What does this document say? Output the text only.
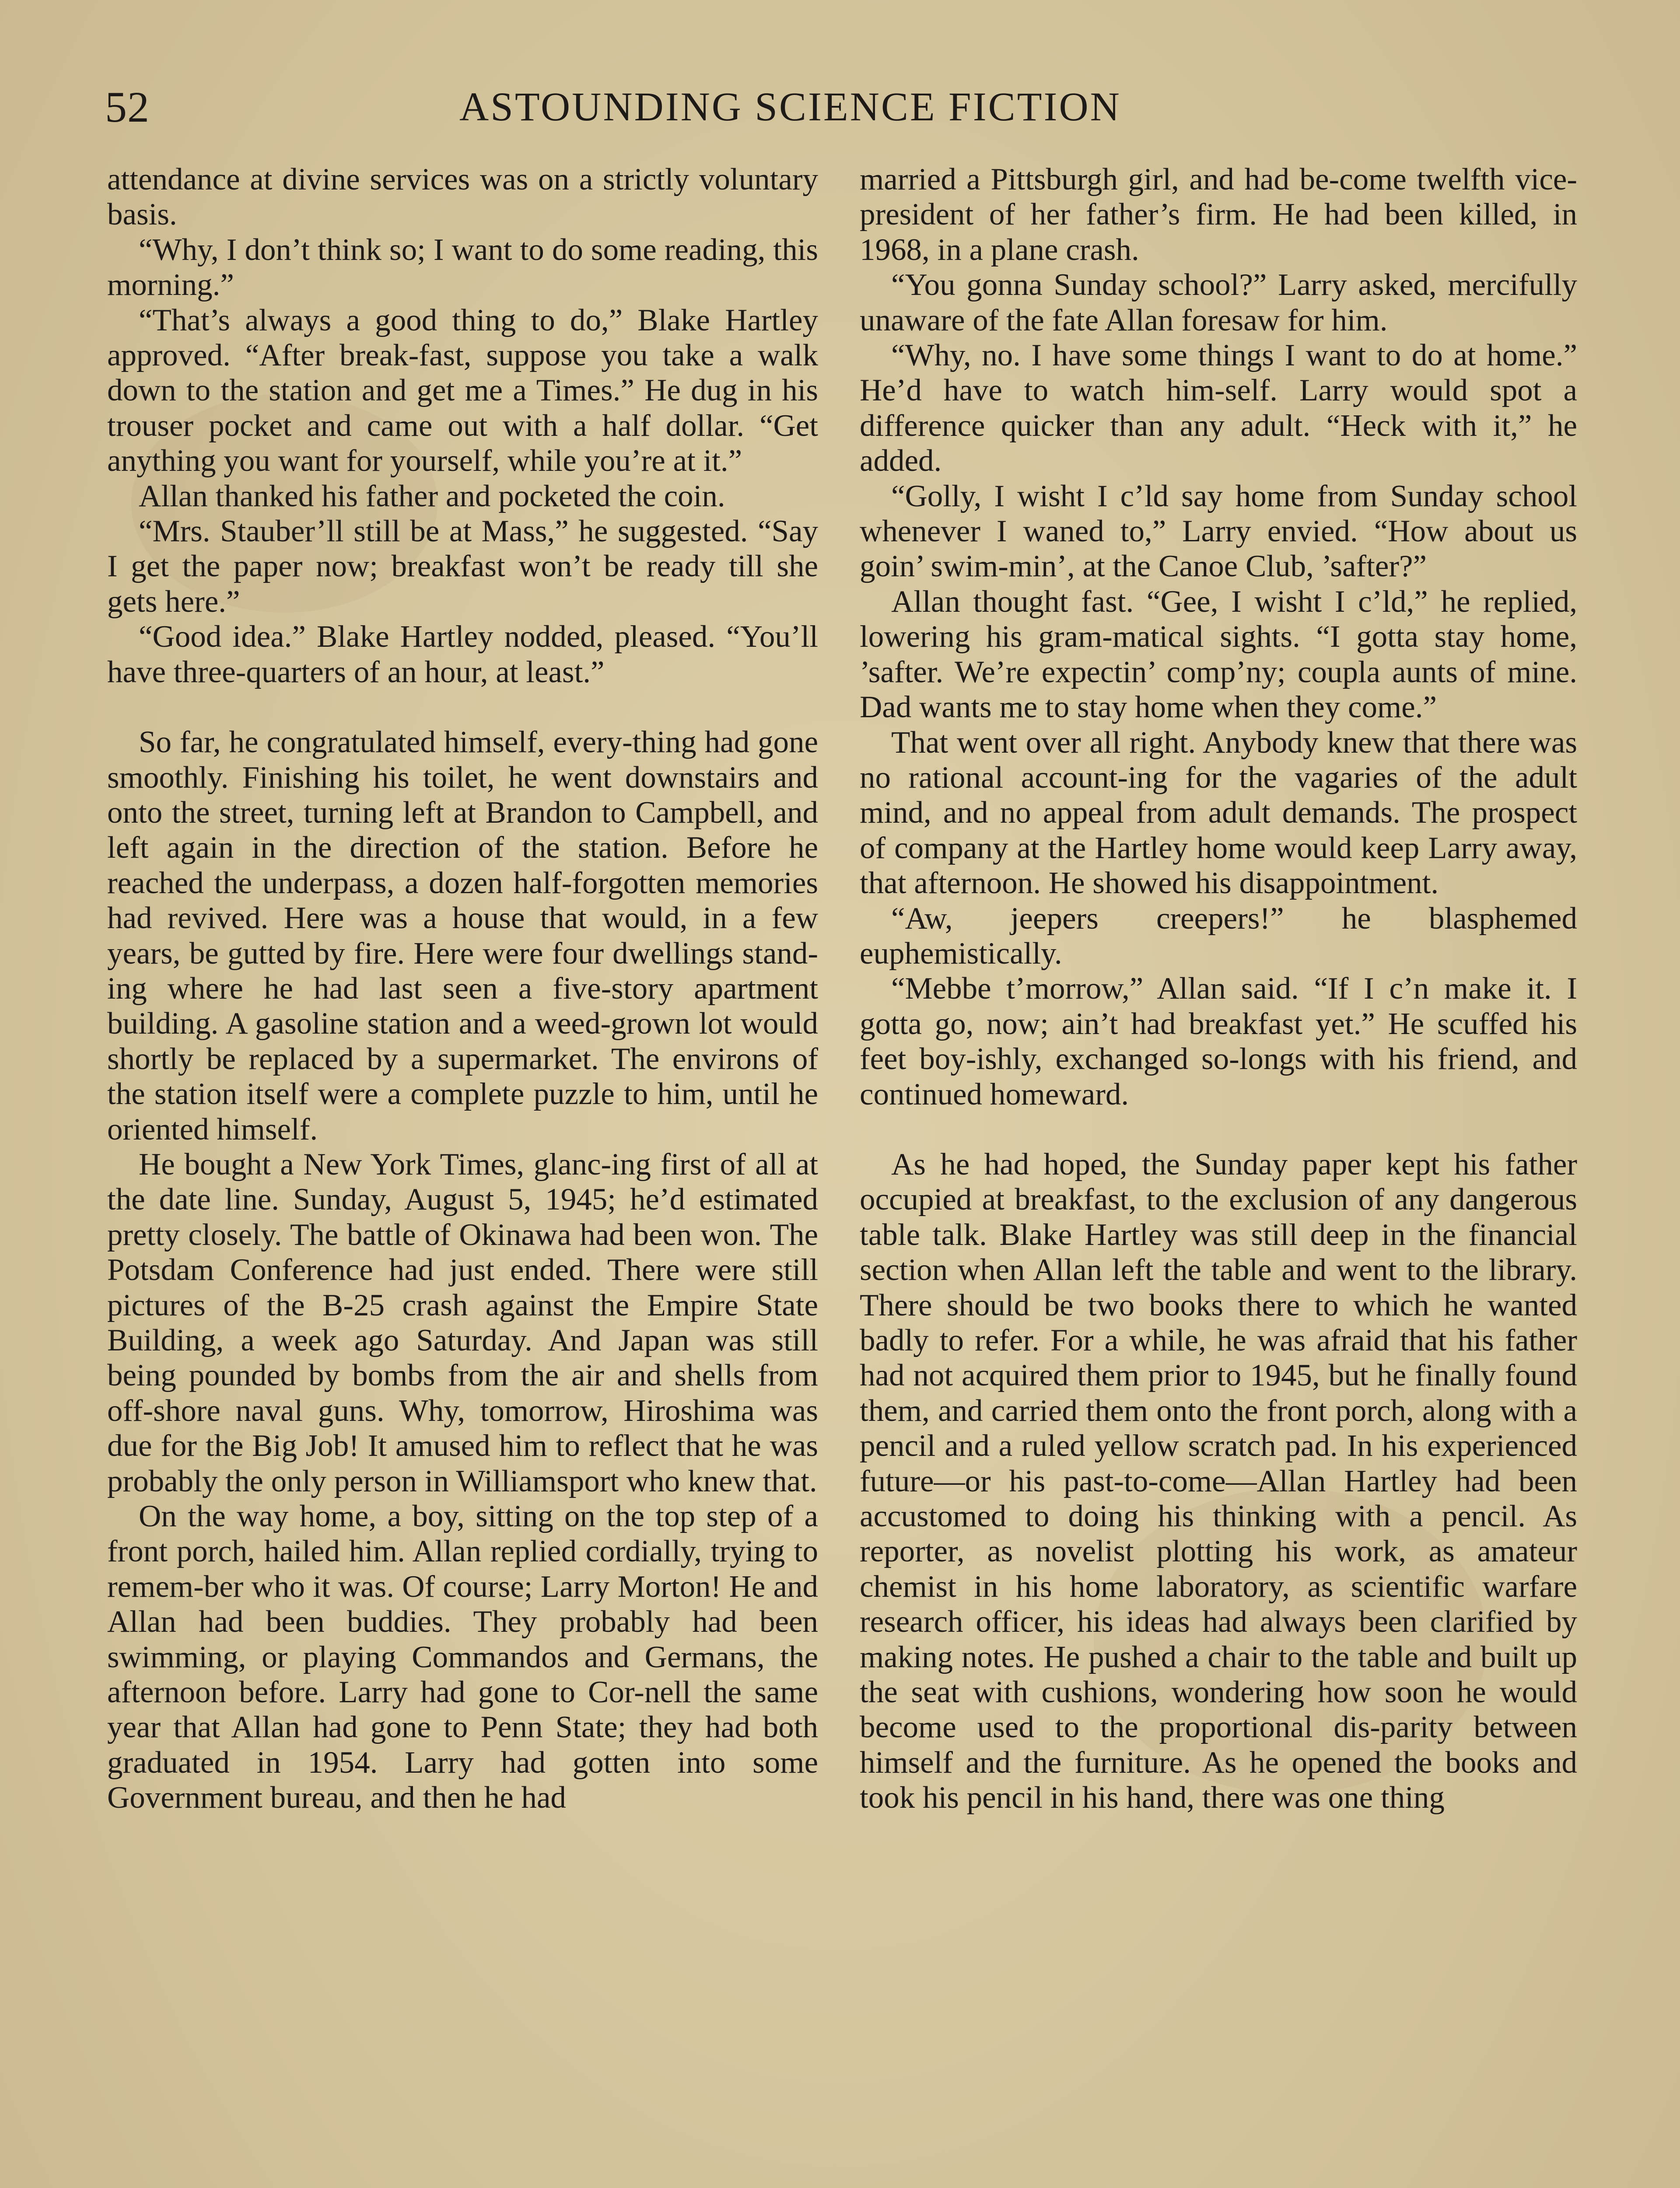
52	ASTOUNDING SCIENCE FICTION

attendance at divine services was on a strictly voluntary basis.

“Why, I don’t think so; I want to do some reading, this morning.”

“That’s always a good thing to do,” Blake Hartley approved. “After break-fast, suppose you take a walk down to the station and get me a Times.” He dug in his trouser pocket and came out with a half dollar. “Get anything you want for yourself, while you’re at it.”

Allan thanked his father and pocketed the coin.

“Mrs. Stauber’ll still be at Mass,” he suggested. “Say I get the paper now; breakfast won’t be ready till she gets here.”

“Good idea.” Blake Hartley nodded, pleased. “You’ll have three-quarters of an hour, at least.”

So far, he congratulated himself, every-thing had gone smoothly. Finishing his toilet, he went downstairs and onto the street, turning left at Brandon to Campbell, and left again in the direction of the station. Before he reached the underpass, a dozen half-forgotten memories had revived. Here was a house that would, in a few years, be gutted by fire. Here were four dwellings stand-ing where he had last seen a five-story apartment building. A gasoline station and a weed-grown lot would shortly be replaced by a supermarket. The environs of the station itself were a complete puzzle to him, until he oriented himself.

He bought a New York Times, glanc-ing first of all at the date line. Sunday, August 5, 1945; he’d estimated pretty closely. The battle of Okinawa had been won. The Potsdam Conference had just ended. There were still pictures of the B-25 crash against the Empire State Building, a week ago Saturday. And Japan was still being pounded by bombs from the air and shells from off-shore naval guns. Why, tomorrow, Hiroshima was due for the Big Job! It amused him to reflect that he was probably the only person in Williamsport who knew that.

On the way home, a boy, sitting on the top step of a front porch, hailed him. Allan replied cordially, trying to remem-ber who it was. Of course; Larry Morton! He and Allan had been buddies. They probably had been swimming, or playing Commandos and Germans, the afternoon before. Larry had gone to Cor-nell the same year that Allan had gone to Penn State; they had both graduated in 1954. Larry had gotten into some Government bureau, and then he had

married a Pittsburgh girl, and had be-come twelfth vice-president of her father’s firm. He had been killed, in 1968, in a plane crash.

“You gonna Sunday school?” Larry asked, mercifully unaware of the fate Allan foresaw for him.

“Why, no. I have some things I want to do at home.” He’d have to watch him-self. Larry would spot a difference quicker than any adult. “Heck with it,” he added.

“Golly, I wisht I c’ld say home from Sunday school whenever I waned to,” Larry envied. “How about us goin’ swim-min’, at the Canoe Club, ’safter?”

Allan thought fast. “Gee, I wisht I c’ld,” he replied, lowering his gram-matical sights. “I gotta stay home, ’safter. We’re expectin’ comp’ny; coupla aunts of mine. Dad wants me to stay home when they come.”

That went over all right. Anybody knew that there was no rational account-ing for the vagaries of the adult mind, and no appeal from adult demands. The prospect of company at the Hartley home would keep Larry away, that afternoon. He showed his disappointment.

“Aw, jeepers creepers!” he blasphemed euphemistically.

“Mebbe t’morrow,” Allan said. “If I c’n make it. I gotta go, now; ain’t had breakfast yet.” He scuffed his feet boy-ishly, exchanged so-longs with his friend, and continued homeward.

As he had hoped, the Sunday paper kept his father occupied at breakfast, to the exclusion of any dangerous table talk. Blake Hartley was still deep in the financial section when Allan left the table and went to the library. There should be two books there to which he wanted badly to refer. For a while, he was afraid that his father had not acquired them prior to 1945, but he finally found them, and carried them onto the front porch, along with a pencil and a ruled yellow scratch pad. In his experienced future—or his past-to-come—Allan Hartley had been accustomed to doing his thinking with a pencil. As reporter, as novelist plotting his work, as amateur chemist in his home laboratory, as scientific warfare research officer, his ideas had always been clarified by making notes. He pushed a chair to the table and built up the seat with cushions, wondering how soon he would become used to the proportional dis-parity between himself and the furniture. As he opened the books and took his pencil in his hand, there was one thing
